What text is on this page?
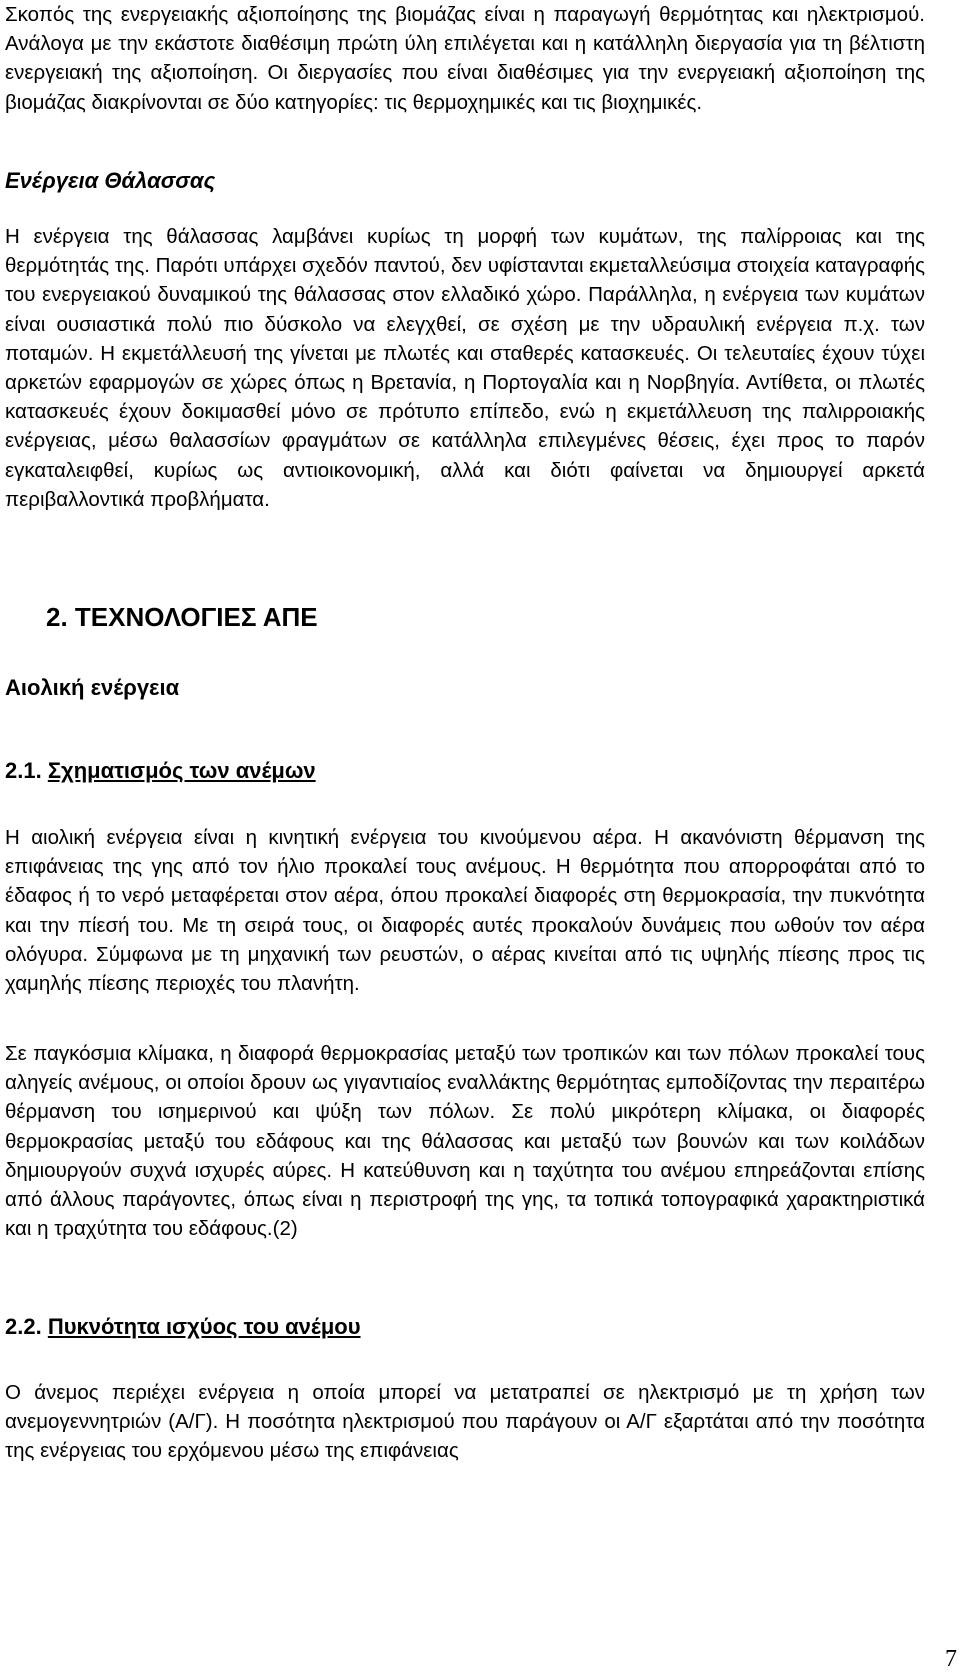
Σκοπός της ενεργειακής αξιοποίησης της βιομάζας είναι η παραγωγή θερμότητας και ηλεκτρισμού. Ανάλογα με την εκάστοτε διαθέσιμη πρώτη ύλη επιλέγεται και η κατάλληλη διεργασία για τη βέλτιστη ενεργειακή της αξιοποίηση. Οι διεργασίες που είναι διαθέσιμες για την ενεργειακή αξιοποίηση της βιομάζας διακρίνονται σε δύο κατηγορίες: τις θερμοχημικές και τις βιοχημικές.

Ενέργεια Θάλασσας

Η ενέργεια της θάλασσας λαμβάνει κυρίως τη μορφή των κυμάτων, της παλίρροιας και της θερμότητάς της. Παρότι υπάρχει σχεδόν παντού, δεν υφίστανται εκμεταλλεύσιμα στοιχεία καταγραφής του ενεργειακού δυναμικού της θάλασσας στον ελλαδικό χώρο. Παράλληλα, η ενέργεια των κυμάτων είναι ουσιαστικά πολύ πιο δύσκολο να ελεγχθεί, σε σχέση με την υδραυλική ενέργεια π.χ. των ποταμών. Η εκμετάλλευσή της γίνεται με πλωτές και σταθερές κατασκευές. Οι τελευταίες έχουν τύχει αρκετών εφαρμογών σε χώρες όπως η Βρετανία, η Πορτογαλία και η Νορβηγία. Αντίθετα, οι πλωτές κατασκευές έχουν δοκιμασθεί μόνο σε πρότυπο επίπεδο, ενώ η εκμετάλλευση της παλιρροιακής ενέργειας, μέσω θαλασσίων φραγμάτων σε κατάλληλα επιλεγμένες θέσεις, έχει προς το παρόν εγκαταλειφθεί, κυρίως ως αντιοικονομική, αλλά και διότι φαίνεται να δημιουργεί αρκετά περιβαλλοντικά προβλήματα.

2. ΤΕΧΝΟΛΟΓΙΕΣ ΑΠΕ
Αιολική ενέργεια
2.1. Σχηματισμός των ανέμων

Η αιολική ενέργεια είναι η κινητική ενέργεια του κινούμενου αέρα. Η ακανόνιστη θέρμανση της επιφάνειας της γης από τον ήλιο προκαλεί τους ανέμους. Η θερμότητα που απορροφάται από το έδαφος ή το νερό μεταφέρεται στον αέρα, όπου προκαλεί διαφορές στη θερμοκρασία, την πυκνότητα και την πίεσή του. Με τη σειρά τους, οι διαφορές αυτές προκαλούν δυνάμεις που ωθούν τον αέρα ολόγυρα. Σύμφωνα με τη μηχανική των ρευστών, ο αέρας κινείται από τις υψηλής πίεσης προς τις χαμηλής πίεσης περιοχές του πλανήτη.

Σε παγκόσμια κλίμακα, η διαφορά θερμοκρασίας μεταξύ των τροπικών και των πόλων προκαλεί τους αληγείς ανέμους, οι οποίοι δρουν ως γιγαντιαίος εναλλάκτης θερμότητας εμποδίζοντας την περαιτέρω θέρμανση του ισημερινού και ψύξη των πόλων. Σε πολύ μικρότερη κλίμακα, οι διαφορές θερμοκρασίας μεταξύ του εδάφους και της θάλασσας και μεταξύ των βουνών και των κοιλάδων δημιουργούν συχνά ισχυρές αύρες. Η κατεύθυνση και η ταχύτητα του ανέμου επηρεάζονται επίσης από άλλους παράγοντες, όπως είναι η περιστροφή της γης, τα τοπικά τοπογραφικά χαρακτηριστικά και η τραχύτητα του εδάφους.(2)

2.2. Πυκνότητα ισχύος του ανέμου

Ο άνεμος περιέχει ενέργεια η οποία μπορεί να μετατραπεί σε ηλεκτρισμό με τη χρήση των ανεμογεννητριών (Α/Γ). Η ποσότητα ηλεκτρισμού που παράγουν οι Α/Γ εξαρτάται από την ποσότητα της ενέργειας του ερχόμενου μέσω της επιφάνειας

7
